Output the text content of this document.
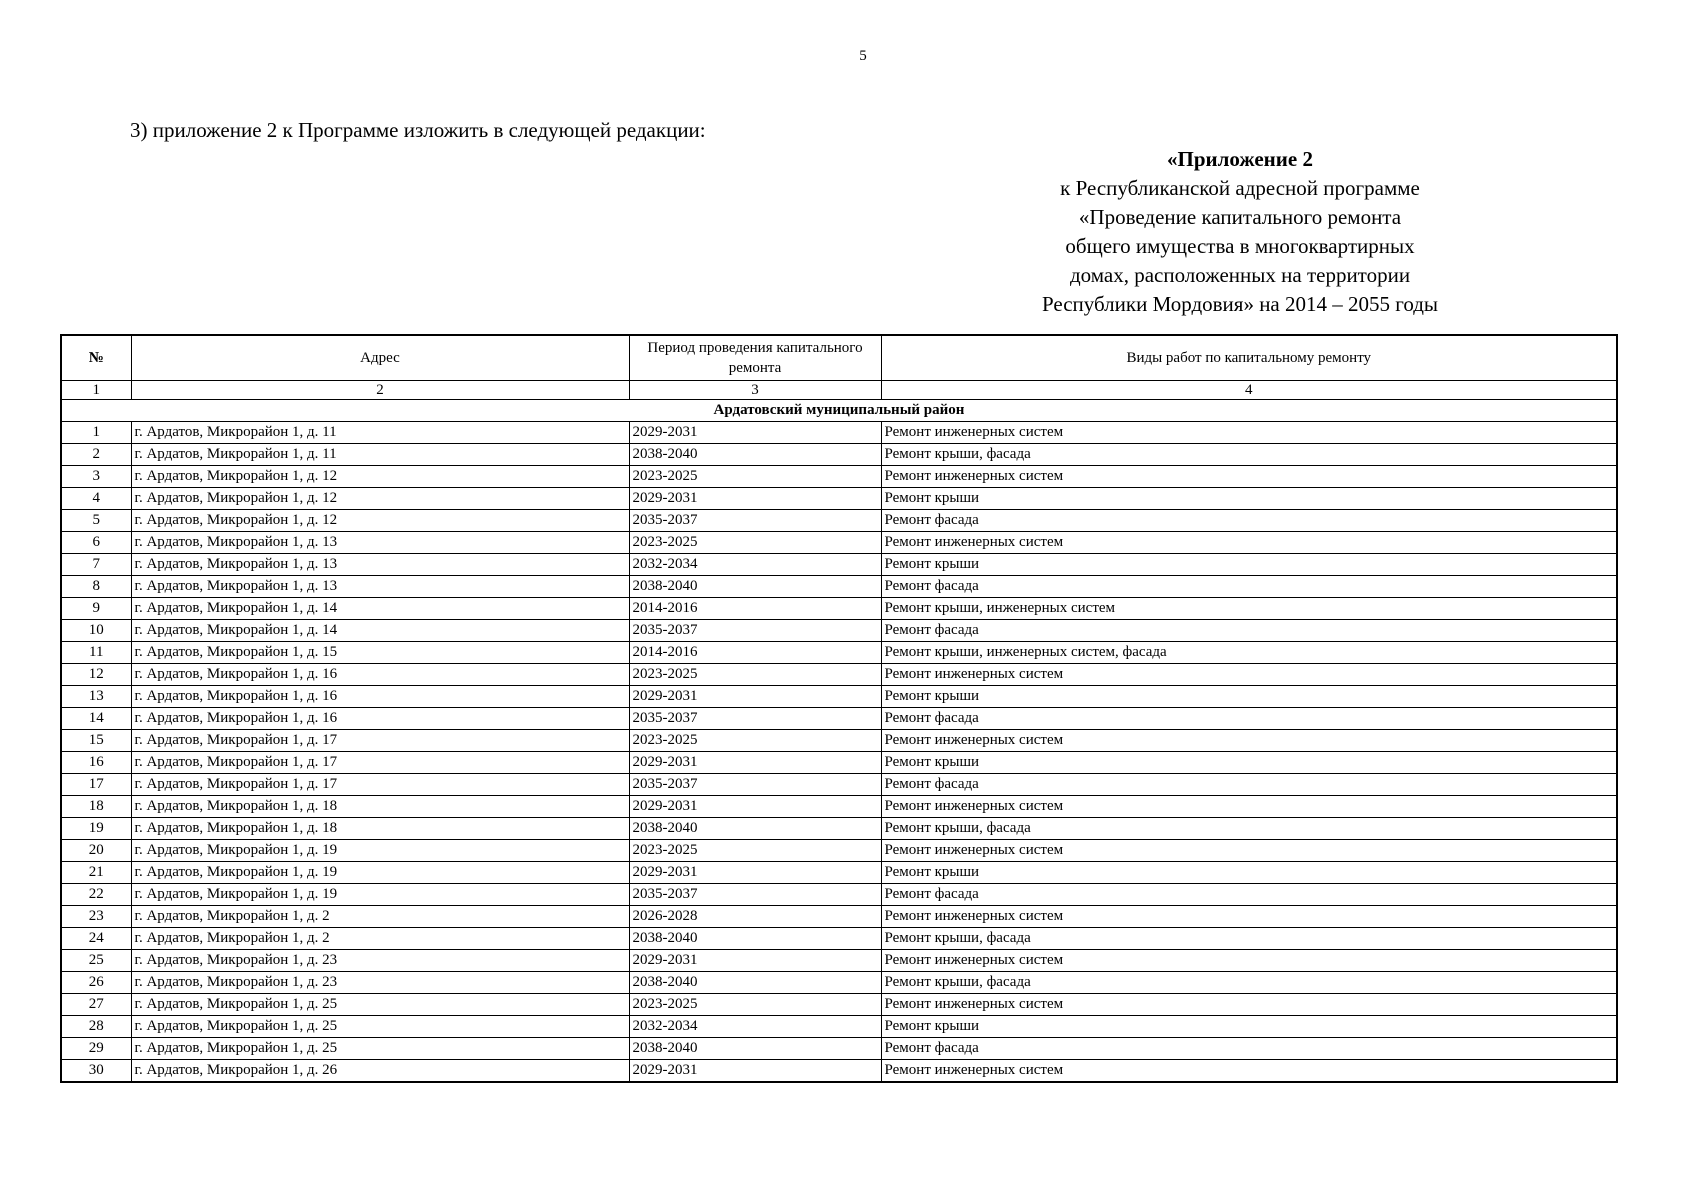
5
3) приложение 2 к Программе изложить в следующей редакции:
«Приложение 2
к Республиканской адресной программе
«Проведение капитального ремонта
общего имущества в многоквартирных
домах, расположенных на территории
Республики Мордовия» на 2014 – 2055 годы
№	Адрес	Период проведения капитального ремонта	Виды работ по капитальному ремонту
1	2	3	4
Ардатовский муниципальный район			
1	г. Ардатов, Микрорайон 1, д. 11	2029-2031	Ремонт инженерных систем
2	г. Ардатов, Микрорайон 1, д. 11	2038-2040	Ремонт крыши, фасада
3	г. Ардатов, Микрорайон 1, д. 12	2023-2025	Ремонт инженерных систем
4	г. Ардатов, Микрорайон 1, д. 12	2029-2031	Ремонт крыши
5	г. Ардатов, Микрорайон 1, д. 12	2035-2037	Ремонт фасада
6	г. Ардатов, Микрорайон 1, д. 13	2023-2025	Ремонт инженерных систем
7	г. Ардатов, Микрорайон 1, д. 13	2032-2034	Ремонт крыши
8	г. Ардатов, Микрорайон 1, д. 13	2038-2040	Ремонт фасада
9	г. Ардатов, Микрорайон 1, д. 14	2014-2016	Ремонт крыши, инженерных систем
10	г. Ардатов, Микрорайон 1, д. 14	2035-2037	Ремонт фасада
11	г. Ардатов, Микрорайон 1, д. 15	2014-2016	Ремонт крыши, инженерных систем, фасада
12	г. Ардатов, Микрорайон 1, д. 16	2023-2025	Ремонт инженерных систем
13	г. Ардатов, Микрорайон 1, д. 16	2029-2031	Ремонт крыши
14	г. Ардатов, Микрорайон 1, д. 16	2035-2037	Ремонт фасада
15	г. Ардатов, Микрорайон 1, д. 17	2023-2025	Ремонт инженерных систем
16	г. Ардатов, Микрорайон 1, д. 17	2029-2031	Ремонт крыши
17	г. Ардатов, Микрорайон 1, д. 17	2035-2037	Ремонт фасада
18	г. Ардатов, Микрорайон 1, д. 18	2029-2031	Ремонт инженерных систем
19	г. Ардатов, Микрорайон 1, д. 18	2038-2040	Ремонт крыши, фасада
20	г. Ардатов, Микрорайон 1, д. 19	2023-2025	Ремонт инженерных систем
21	г. Ардатов, Микрорайон 1, д. 19	2029-2031	Ремонт крыши
22	г. Ардатов, Микрорайон 1, д. 19	2035-2037	Ремонт фасада
23	г. Ардатов, Микрорайон 1, д. 2	2026-2028	Ремонт инженерных систем
24	г. Ардатов, Микрорайон 1, д. 2	2038-2040	Ремонт крыши, фасада
25	г. Ардатов, Микрорайон 1, д. 23	2029-2031	Ремонт инженерных систем
26	г. Ардатов, Микрорайон 1, д. 23	2038-2040	Ремонт крыши, фасада
27	г. Ардатов, Микрорайон 1, д. 25	2023-2025	Ремонт инженерных систем
28	г. Ардатов, Микрорайон 1, д. 25	2032-2034	Ремонт крыши
29	г. Ардатов, Микрорайон 1, д. 25	2038-2040	Ремонт фасада
30	г. Ардатов, Микрорайон 1, д. 26	2029-2031	Ремонт инженерных систем
